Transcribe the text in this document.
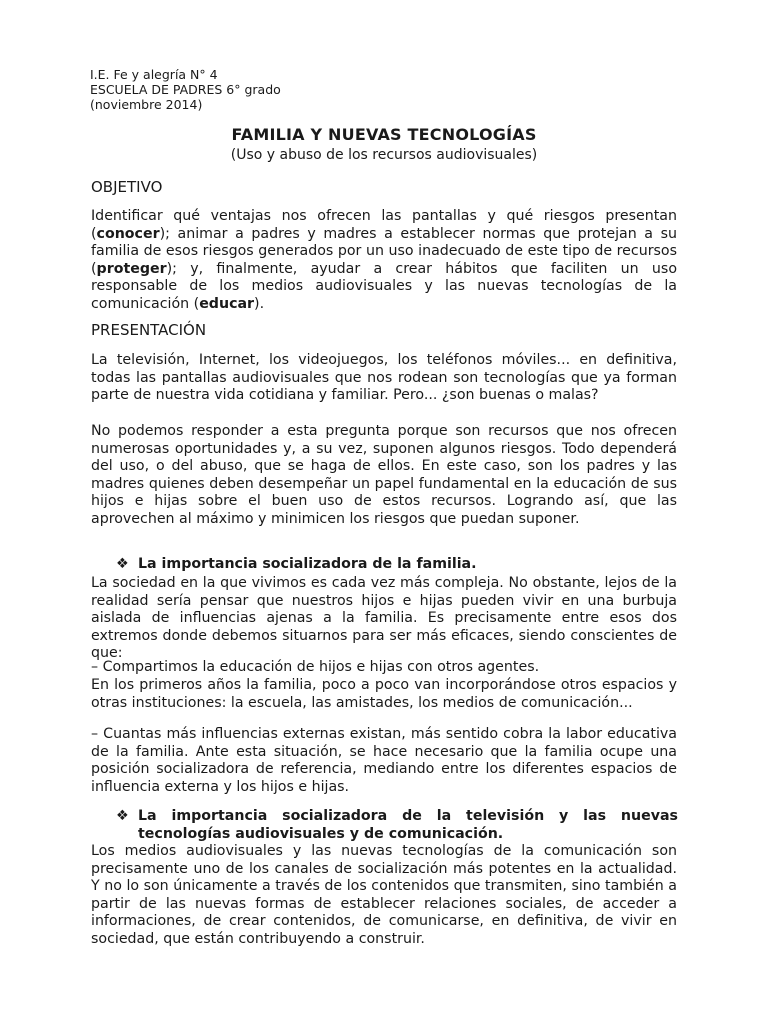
I.E. Fe y alegría N° 4
ESCUELA DE PADRES 6° grado
(noviembre 2014)
FAMILIA Y NUEVAS TECNOLOGÍAS
(Uso y abuso de los recursos audiovisuales)
OBJETIVO

Identificar qué ventajas nos ofrecen las pantallas y qué riesgos presentan (conocer); animar a padres y madres a establecer normas que protejan a su familia de esos riesgos generados por un uso inadecuado de este tipo de recursos (proteger); y, finalmente, ayudar a crear hábitos que faciliten un uso responsable de los medios audiovisuales y las nuevas tecnologías de la comunicación (educar).

PRESENTACIÓN

La televisión, Internet, los videojuegos, los teléfonos móviles... en definitiva, todas las pantallas audiovisuales que nos rodean son tecnologías que ya forman parte de nuestra vida cotidiana y familiar. Pero... ¿son buenas o malas?

No podemos responder a esta pregunta porque son recursos que nos ofrecen numerosas oportunidades y, a su vez, suponen algunos riesgos. Todo dependerá del uso, o del abuso, que se haga de ellos. En este caso, son los padres y las madres quienes deben desempeñar un papel fundamental en la educación de sus hijos e hijas sobre el buen uso de estos recursos. Logrando así, que las aprovechen al máximo y minimicen los riesgos que puedan suponer.

❖ La importancia socializadora de la familia.

La sociedad en la que vivimos es cada vez más compleja. No obstante, lejos de la realidad sería pensar que nuestros hijos e hijas pueden vivir en una burbuja aislada de influencias ajenas a la familia. Es precisamente entre esos dos extremos donde debemos situarnos para ser más eficaces, siendo conscientes de que:

– Compartimos la educación de hijos e hijas con otros agentes.

En los primeros años la familia, poco a poco van incorporándose otros espacios y otras instituciones: la escuela, las amistades, los medios de comunicación...

– Cuantas más influencias externas existan, más sentido cobra la labor educativa de la familia. Ante esta situación, se hace necesario que la familia ocupe una posición socializadora de referencia, mediando entre los diferentes espacios de influencia externa y los hijos e hijas.

❖ La importancia socializadora de la televisión y las nuevas tecnologías audiovisuales y de comunicación.

Los medios audiovisuales y las nuevas tecnologías de la comunicación son precisamente uno de los canales de socialización más potentes en la actualidad. Y no lo son únicamente a través de los contenidos que transmiten, sino también a partir de las nuevas formas de establecer relaciones sociales, de acceder a informaciones, de crear contenidos, de comunicarse, en definitiva, de vivir en sociedad, que están contribuyendo a construir.
